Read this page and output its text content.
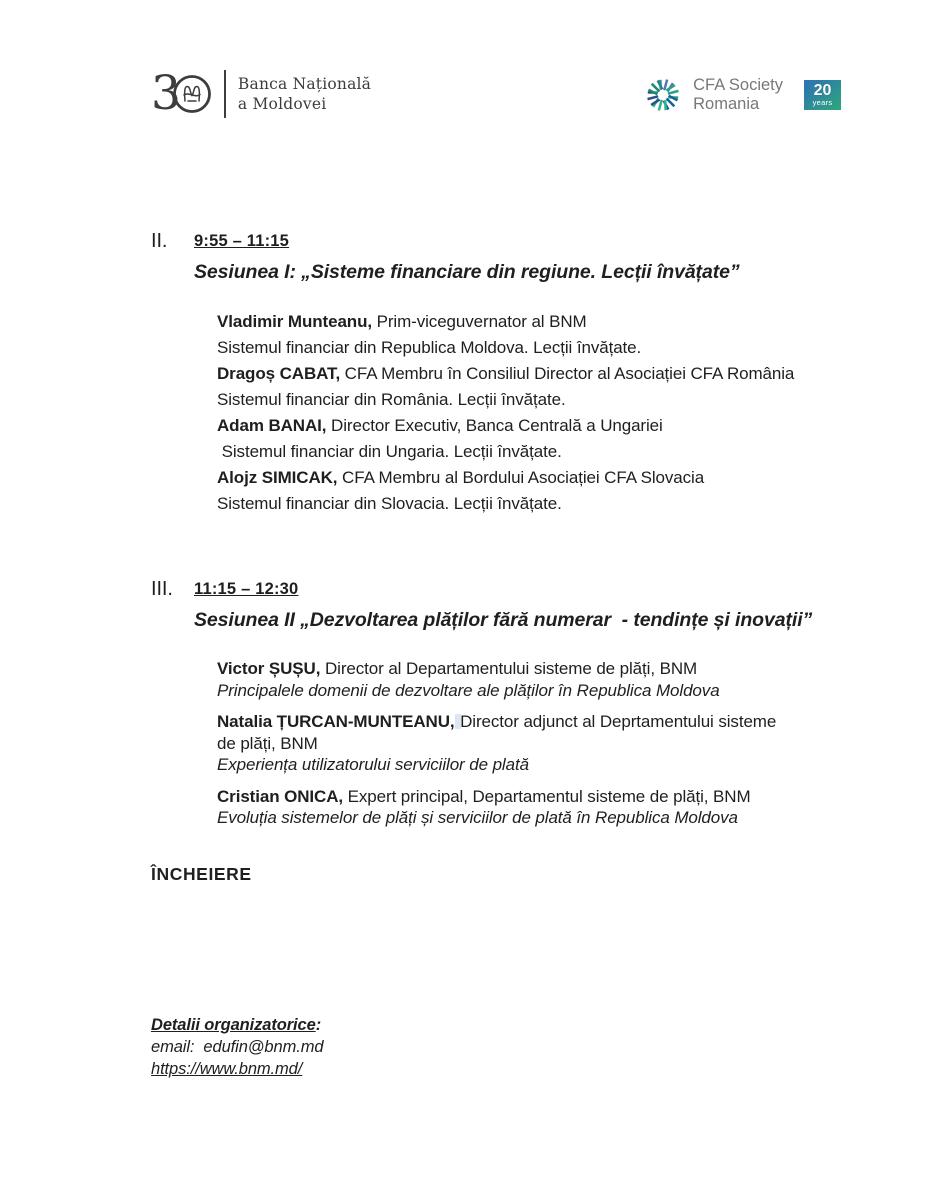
3	Banca Națională
a Moldovei
CFA Society
Romania
20
years
II.	9:55 – 11:15
Sesiunea I: „Sisteme financiare din regiune. Lecții învățate”

Vladimir Munteanu, Prim-viceguvernator al BNM

Sistemul financiar din Republica Moldova. Lecții învățate.

Dragoș CABAT, CFA Membru în Consiliul Director al Asociației CFA România

Sistemul financiar din România. Lecții învățate.

Adam BANAI, Director Executiv, Banca Centrală a Ungariei

Sistemul financiar din Ungaria. Lecții învățate.

Alojz SIMICAK, CFA Membru al Bordului Asociației CFA Slovacia

Sistemul financiar din Slovacia. Lecții învățate.

III.	11:15 – 12:30
Sesiunea II „Dezvoltarea plăților fără numerar  - tendințe și inovații”

Victor ȘUȘU, Director al Departamentului sisteme de plăți, BNM

Principalele domenii de dezvoltare ale plăților în Republica Moldova

Natalia ȚURCAN-MUNTEANU, Director adjunct al Deprtamentului sisteme
de plăți, BNM

Experiența utilizatorului serviciilor de plată

Cristian ONICA, Expert principal, Departamentul sisteme de plăți, BNM

Evoluția sistemelor de plăți și serviciilor de plată în Republica Moldova

ÎNCHEIERE

Detalii organizatorice:

email: edufin@bnm.md

https://www.bnm.md/
